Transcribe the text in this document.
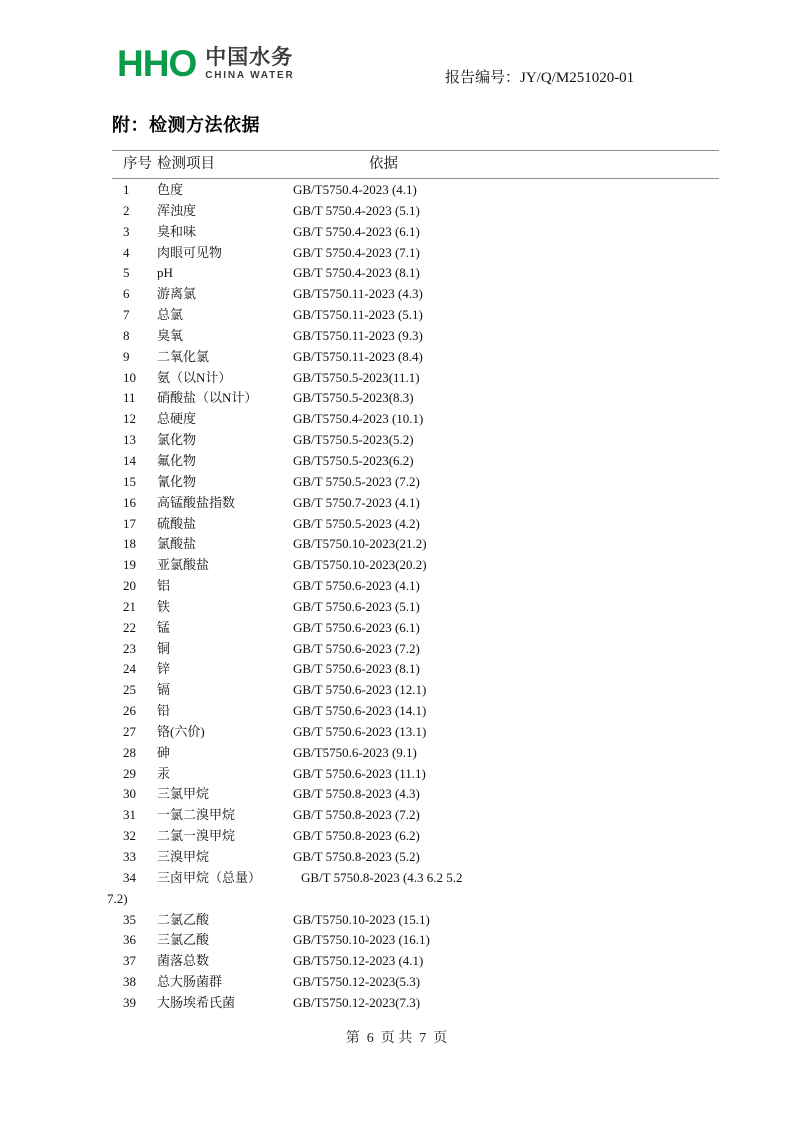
HHO 中国水务
CHINA WATER	报告编号：JY/Q/M251020-01
附：检测方法依据
序号 检测项目	依据
1	色度	GB/T5750.4-2023 (4.1)
2	浑浊度	GB/T 5750.4-2023 (5.1)
3	臭和味	GB/T 5750.4-2023 (6.1)
4	肉眼可见物	GB/T 5750.4-2023 (7.1)
5	pH	GB/T 5750.4-2023 (8.1)
6	游离氯	GB/T5750.11-2023 (4.3)
7	总氯	GB/T5750.11-2023 (5.1)
8	臭氧	GB/T5750.11-2023 (9.3)
9	二氧化氯	GB/T5750.11-2023 (8.4)
10	氨（以N计）	GB/T5750.5-2023(11.1)
11	硝酸盐（以N计）	GB/T5750.5-2023(8.3)
12	总硬度	GB/T5750.4-2023 (10.1)
13	氯化物	GB/T5750.5-2023(5.2)
14	氟化物	GB/T5750.5-2023(6.2)
15	氰化物	GB/T 5750.5-2023 (7.2)
16	高锰酸盐指数	GB/T 5750.7-2023 (4.1)
17	硫酸盐	GB/T 5750.5-2023 (4.2)
18	氯酸盐	GB/T5750.10-2023(21.2)
19	亚氯酸盐	GB/T5750.10-2023(20.2)
20	铝	GB/T 5750.6-2023 (4.1)
21	铁	GB/T 5750.6-2023 (5.1)
22	锰	GB/T 5750.6-2023 (6.1)
23	铜	GB/T 5750.6-2023 (7.2)
24	锌	GB/T 5750.6-2023 (8.1)
25	镉	GB/T 5750.6-2023 (12.1)
26	铅	GB/T 5750.6-2023 (14.1)
27	铬(六价)	GB/T 5750.6-2023 (13.1)
28	砷	GB/T5750.6-2023 (9.1)
29	汞	GB/T 5750.6-2023 (11.1)
30	三氯甲烷	GB/T 5750.8-2023 (4.3)
31	一氯二溴甲烷	GB/T 5750.8-2023 (7.2)
32	二氯一溴甲烷	GB/T 5750.8-2023 (6.2)
33	三溴甲烷	GB/T 5750.8-2023 (5.2)
34	三卤甲烷（总量）	GB/T 5750.8-2023 (4.3 6.2 5.2
7.2)
35	二氯乙酸	GB/T5750.10-2023 (15.1)
36	三氯乙酸	GB/T5750.10-2023 (16.1)
37	菌落总数	GB/T5750.12-2023 (4.1)
38	总大肠菌群	GB/T5750.12-2023(5.3)
39	大肠埃希氏菌	GB/T5750.12-2023(7.3)
第  6  页 共  7  页
